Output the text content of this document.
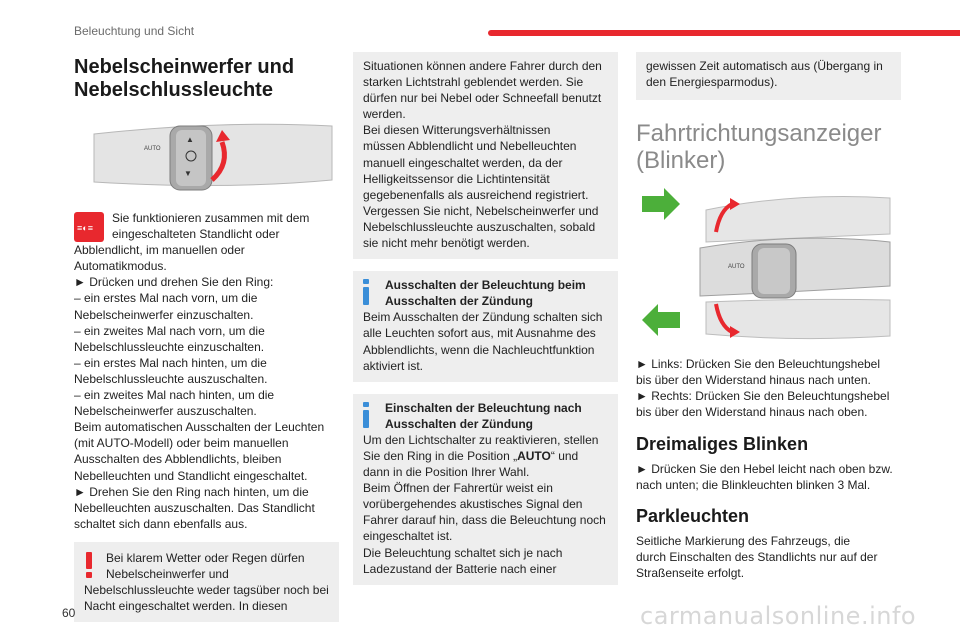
Beleuchtung und Sicht
Nebelscheinwerfer und Nebelschlussleuchte
▲
▼
AUTO
≡◐≡
Sie funktionieren zusammen mit dem
eingeschalteten Standlicht oder
Abblendlicht, im manuellen oder
Automatikmodus.
► Drücken und drehen Sie den Ring:
– ein erstes Mal nach vorn, um die
Nebelscheinwerfer einzuschalten.
– ein zweites Mal nach vorn, um die
Nebelschlussleuchte einzuschalten.
– ein erstes Mal nach hinten, um die
Nebelschlussleuchte auszuschalten.
– ein zweites Mal nach hinten, um die
Nebelscheinwerfer auszuschalten.
Beim automatischen Ausschalten der Leuchten
(mit AUTO-Modell) oder beim manuellen
Ausschalten des Abblendlichts, bleiben
Nebelleuchten und Standlicht eingeschaltet.
► Drehen Sie den Ring nach hinten, um die
Nebelleuchten auszuschalten. Das Standlicht
schaltet sich dann ebenfalls aus.
Bei klarem Wetter oder Regen dürfen
Nebelscheinwerfer und
Nebelschlussleuchte weder tagsüber noch bei
Nacht eingeschaltet werden. In diesen
Situationen können andere Fahrer durch den
starken Lichtstrahl geblendet werden. Sie
dürfen nur bei Nebel oder Schneefall benutzt
werden.
Bei diesen Witterungsverhältnissen
müssen Abblendlicht und Nebelleuchten
manuell eingeschaltet werden, da der
Helligkeitssensor die Lichtintensität
gegebenenfalls als ausreichend registriert.
Vergessen Sie nicht, Nebelscheinwerfer und
Nebelschlussleuchte auszuschalten, sobald
sie nicht mehr benötigt werden.
Ausschalten der Beleuchtung beim
Ausschalten der Zündung
Beim Ausschalten der Zündung schalten sich
alle Leuchten sofort aus, mit Ausnahme des
Abblendlichts, wenn die Nachleuchtfunktion
aktiviert ist.
Einschalten der Beleuchtung nach
Ausschalten der Zündung
Um den Lichtschalter zu reaktivieren, stellen
Sie den Ring in die Position „AUTO“ und
dann in die Position Ihrer Wahl.
Beim Öffnen der Fahrertür weist ein
vorübergehendes akustisches Signal den
Fahrer darauf hin, dass die Beleuchtung noch
eingeschaltet ist.
Die Beleuchtung schaltet sich je nach
Ladezustand der Batterie nach einer
gewissen Zeit automatisch aus (Übergang in
den Energiesparmodus).
Fahrtrichtungsanzeiger
(Blinker)
AUTO
► Links: Drücken Sie den Beleuchtungshebel
bis über den Widerstand hinaus nach unten.
► Rechts: Drücken Sie den Beleuchtungshebel
bis über den Widerstand hinaus nach oben.
Dreimaliges Blinken
► Drücken Sie den Hebel leicht nach oben bzw.
nach unten; die Blinkleuchten blinken 3 Mal.
Parkleuchten
Seitliche Markierung des Fahrzeugs, die
durch Einschalten des Standlichts nur auf der
Straßenseite erfolgt.
60	carmanualsonline.info
